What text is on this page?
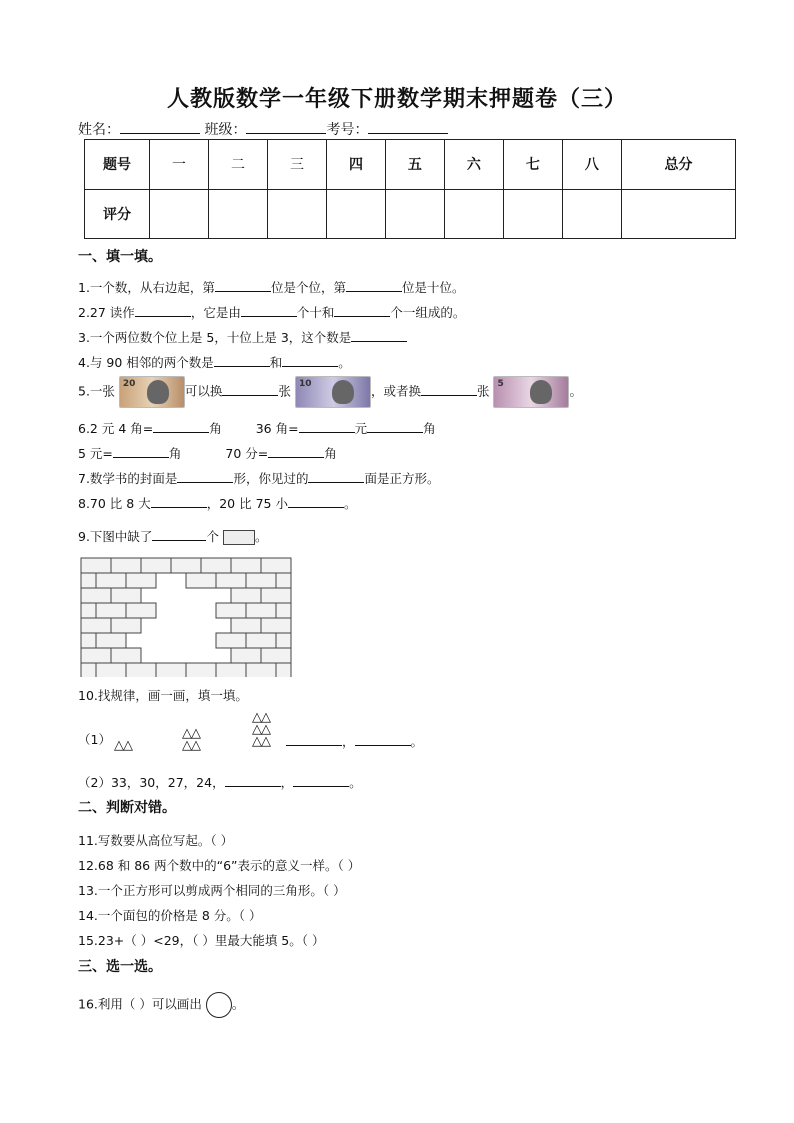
人教版数学一年级下册数学期末押题卷（三）
姓名：	班级：	考号：
题号	一	二	三	四	五	六	七	八	总分
评分									
一、填一填。
1.一个数，从右边起，第	位是个位，第	位是十位。
2.27 读作	，它是由	个十和	个一组成的。
3.一个两位数个位上是 5，十位上是 3，这个数是
4.与 90 相邻的两个数是	和	。
5.一张 20	可以换	张 10	，或者换	张 5	。
6.2 元 4 角=	角	36 角=	元	角
5 元=	角	70 分=	角
7.数学书的封面是	形，你见过的	面是正方形。
8.70 比 8 大	，20 比 75 小	。
9.下图中缺了	个	。
10.找规律，画一画，填一填。
（1） △△
△△
△△
△△
△△
△△	，	。
（2）33，30，27，24，	，	。
二、判断对错。
11.写数要从高位写起。（ ）
12.68 和 86 两个数中的“6”表示的意义一样。（ ）
13.一个正方形可以剪成两个相同的三角形。（ ）
14.一个面包的价格是 8 分。（ ）
15.23+（ ）<29，（ ）里最大能填 5。（ ）
三、选一选。
16.利用（ ）可以画出 。
